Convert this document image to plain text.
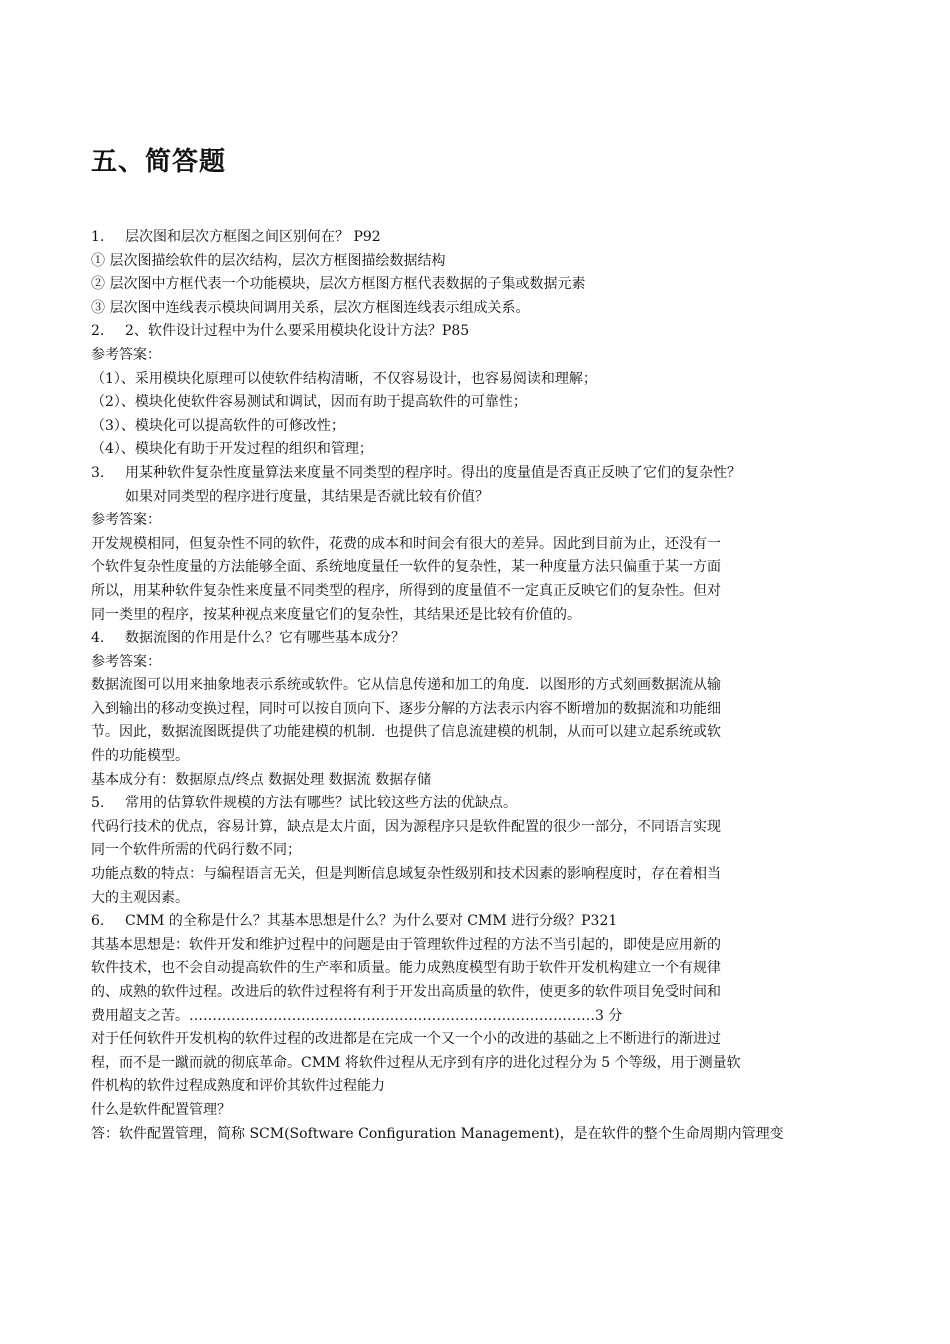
五、简答题
1. 层次图和层次方框图之间区别何在？ P92
① 层次图描绘软件的层次结构，层次方框图描绘数据结构
② 层次图中方框代表一个功能模块，层次方框图方框代表数据的子集或数据元素
③ 层次图中连线表示模块间调用关系，层次方框图连线表示组成关系。
2. 2、软件设计过程中为什么要采用模块化设计方法？P85
参考答案：
（1）、采用模块化原理可以使软件结构清晰，不仅容易设计，也容易阅读和理解；
（2）、模块化使软件容易测试和调试，因而有助于提高软件的可靠性；
（3）、模块化可以提高软件的可修改性；
（4）、模块化有助于开发过程的组织和管理；
3. 用某种软件复杂性度量算法来度量不同类型的程序时。得出的度量值是否真正反映了它们的复杂性？
如果对同类型的程序进行度量，其结果是否就比较有价值？
参考答案：
开发规模相同，但复杂性不同的软件，花费的成本和时间会有很大的差异。因此到目前为止，还没有一
个软件复杂性度量的方法能够全面、系统地度量任一软件的复杂性，某一种度量方法只偏重于某一方面
所以，用某种软件复杂性来度量不同类型的程序，所得到的度量值不一定真正反映它们的复杂性。但对
同一类里的程序，按某种视点来度量它们的复杂性，其结果还是比较有价值的。
4. 数据流图的作用是什么？它有哪些基本成分？
参考答案：
数据流图可以用来抽象地表示系统或软件。它从信息传递和加工的角度．以图形的方式刻画数据流从输
入到输出的移动变换过程，同时可以按自顶向下、逐步分解的方法表示内容不断增加的数据流和功能细
节。因此，数据流图既提供了功能建模的机制．也提供了信息流建模的机制，从而可以建立起系统或软
件的功能模型。
基本成分有：数据原点/终点 数据处理 数据流 数据存储
5. 常用的估算软件规模的方法有哪些？试比较这些方法的优缺点。
代码行技术的优点，容易计算，缺点是太片面，因为源程序只是软件配置的很少一部分，不同语言实现
同一个软件所需的代码行数不同；
功能点数的特点：与编程语言无关，但是判断信息域复杂性级别和技术因素的影响程度时，存在着相当
大的主观因素。
6. CMM 的全称是什么？其基本思想是什么？为什么要对 CMM 进行分级？P321
其基本思想是：软件开发和维护过程中的问题是由于管理软件过程的方法不当引起的，即使是应用新的
软件技术，也不会自动提高软件的生产率和质量。能力成熟度模型有助于软件开发机构建立一个有规律
的、成熟的软件过程。改进后的软件过程将有利于开发出高质量的软件，使更多的软件项目免受时间和
费用超支之苦。……………………………………………………………………………3 分
对于任何软件开发机构的软件过程的改进都是在完成一个又一个小的改进的基础之上不断进行的渐进过
程，而不是一蹴而就的彻底革命。CMM 将软件过程从无序到有序的进化过程分为 5 个等级，用于测量软
件机构的软件过程成熟度和评价其软件过程能力
什么是软件配置管理？
答：软件配置管理，简称 SCM(Software Configuration Management)，是在软件的整个生命周期内管理变
